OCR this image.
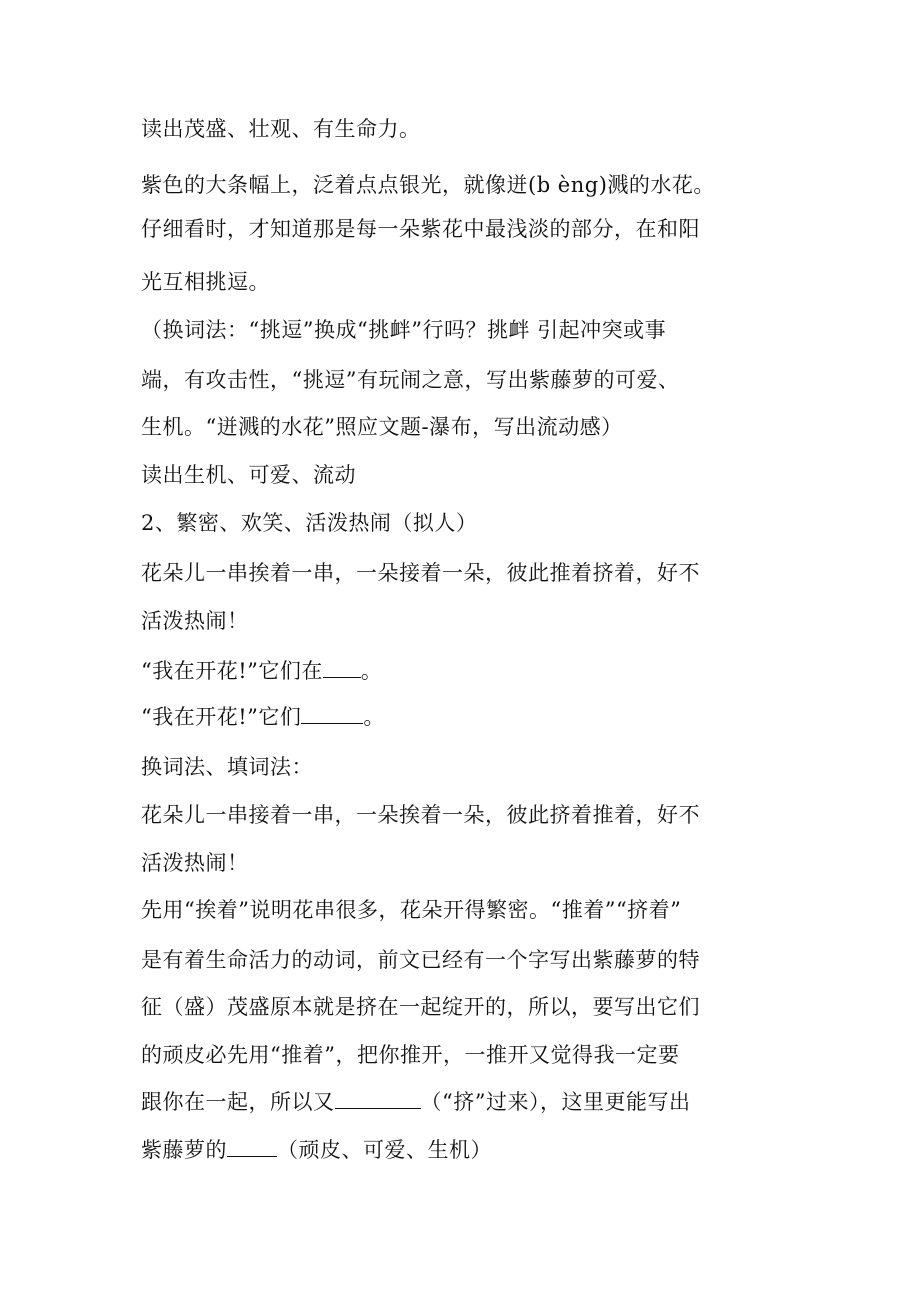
读出茂盛、壮观、有生命力。
紫色的大条幅上，泛着点点银光，就像迸(b èng)溅的水花。
仔细看时，才知道那是每一朵紫花中最浅淡的部分，在和阳
光互相挑逗。
（换词法：“挑逗”换成“挑衅”行吗？挑衅 引起冲突或事
端，有攻击性，“挑逗”有玩闹之意，写出紫藤萝的可爱、
生机。“迸溅的水花”照应文题-瀑布，写出流动感）
读出生机、可爱、流动
2、繁密、欢笑、活泼热闹（拟人）
花朵儿一串挨着一串，一朵接着一朵，彼此推着挤着，好不
活泼热闹！
“我在开花!”它们在 。
“我在开花!”它们	。
换词法、填词法：
花朵儿一串接着一串，一朵挨着一朵，彼此挤着推着，好不
活泼热闹！
先用“挨着”说明花串很多，花朵开得繁密。“推着”“挤着”
是有着生命活力的动词，前文已经有一个字写出紫藤萝的特
征（盛）茂盛原本就是挤在一起绽开的，所以，要写出它们
的顽皮必先用“推着”，把你推开，一推开又觉得我一定要
跟你在一起，所以又	（“挤”过来），这里更能写出
紫藤萝的 （顽皮、可爱、生机）
